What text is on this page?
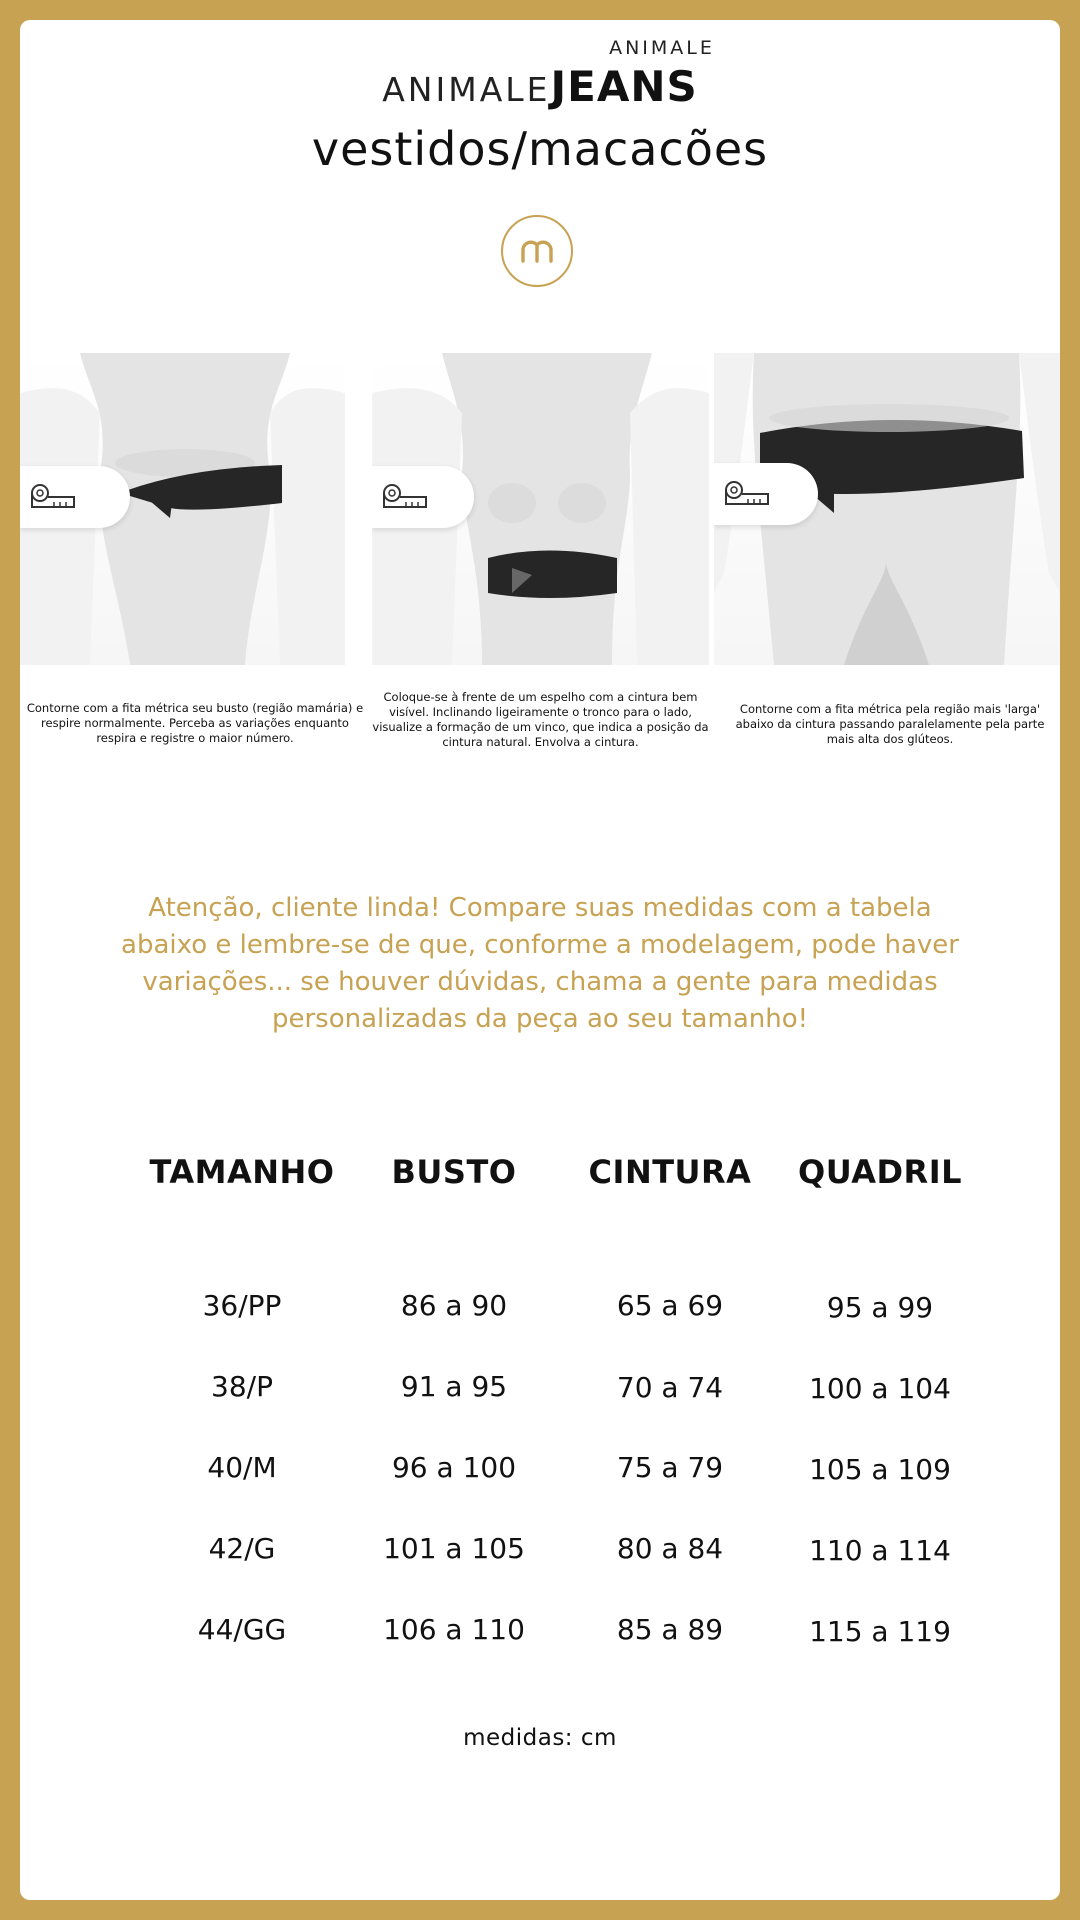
ANIMALE
ANIMALEJEANS
vestidos/macacões
Contorne com a fita métrica seu busto (região mamária) e
respire normalmente. Perceba as variações enquanto
respira e registre o maior número.
Coloque-se à frente de um espelho com a cintura bem
visível. Inclinando ligeiramente o tronco para o lado,
visualize a formação de um vinco, que indica a posição da
cintura natural. Envolva a cintura.
Contorne com a fita métrica pela região mais 'larga'
abaixo da cintura passando paralelamente pela parte
mais alta dos glúteos.
Atenção, cliente linda! Compare suas medidas com a tabela
abaixo e lembre-se de que, conforme a modelagem, pode haver
variações... se houver dúvidas, chama a gente para medidas
personalizadas da peça ao seu tamanho!
TAMANHO	BUSTO	CINTURA	QUADRIL
36/PP	86 a 90	65 a 69	95 a 99
38/P	91 a 95	70 a 74	100 a 104
40/M	96 a 100	75 a 79	105 a 109
42/G	101 a 105	80 a 84	110 a 114
44/GG	106 a 110	85 a 89	115 a 119
medidas: cm
